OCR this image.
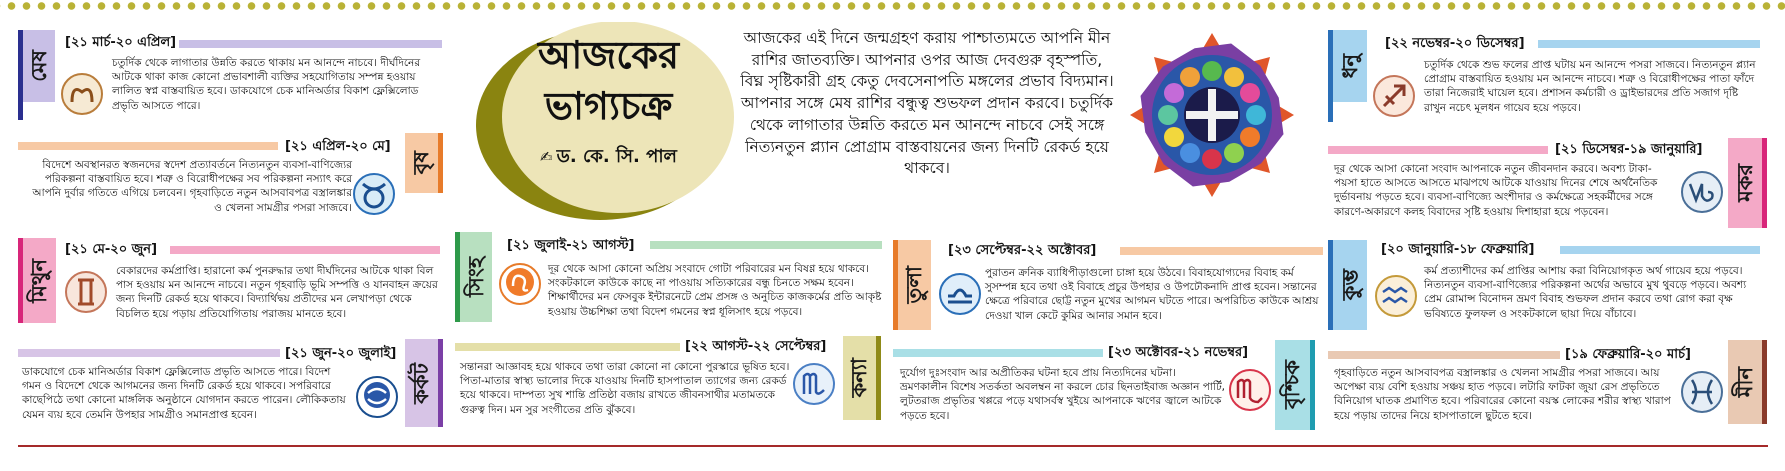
আজকের
ভাগ্যচক্র
✍ ড. কে. সি. পাল
আজকের এই দিনে জন্মগ্রহণ করায় পাশ্চাত্যমতে আপনি মীন রাশির জাতব্যক্তি। আপনার ওপর আজ দেবগুরু বৃহস্পতি, বিঘ্ন সৃষ্টিকারী গ্রহ কেতু দেবসেনাপতি মঙ্গলের প্রভাব বিদ্যমান। আপনার সঙ্গে মেষ রাশির বন্ধুত্ব শুভফল প্রদান করবে। চতুর্দিক থেকে লাগাতার উন্নতি করতে মন আনন্দে নাচবে সেই সঙ্গে নিত্যনতুন প্ল্যান প্রোগ্রাম বাস্তবায়নের জন্য দিনটি রেকর্ড হয়ে থাকবে।
মেষ
[২১ মার্চ-২০ এপ্রিল]
চতুর্দিক থেকে লাগাতার উন্নতি করতে থাকায় মন আনন্দে নাচবে। দীর্ঘদিনের আটকে থাকা কাজ কোনো প্রভাবশালী ব্যক্তির সহযোগিতায় সম্পন্ন হওয়ায় লালিত স্বপ্ন বাস্তবায়িত হবে। ডাকযোগে চেক মানিঅর্ডার বিকাশ ফ্লেক্সিলোড প্রভৃতি আসতে পারে।
[২১ এপ্রিল-২০ মে]
বৃষ
বিদেশে অবস্থানরত স্বজনদের স্বদেশ প্রত্যাবর্তনে নিত্যনতুন ব্যবসা-বাণিজ্যের পরিকল্পনা বাস্তবায়িত হবে। শত্রু ও বিরোধীপক্ষের সব পরিকল্পনা নস্যাৎ করে আপনি দুর্বার গতিতে এগিয়ে চলবেন। গৃহবাড়িতে নতুন আসবাবপত্র বস্ত্রালঙ্কার ও খেলনা সামগ্রীর পসরা সাজবে।
মিথুন
[২১ মে-২০ জুন]
বেকারদের কর্মপ্রাপ্তি। হারানো কর্ম পুনরুদ্ধার তথা দীর্ঘদিনের আটকে থাকা বিল পাস হওয়ায় মন আনন্দে নাচবে। নতুন গৃহবাড়ি ভূমি সম্পত্তি ও যানবাহন ক্রয়ের জন্য দিনটি রেকর্ড হয়ে থাকবে। বিদ্যার্থিদ্বয় প্রতীদের মন লেখাপড়া থেকে বিচলিত হয়ে পড়ায় প্রতিযোগিতায় পরাজয় মানতে হবে।
[২১ জুন-২০ জুলাই]
কর্কট
ডাকযোগে চেক মানিঅর্ডার বিকাশ ফ্লেক্সিলোড প্রভৃতি আসতে পারে। বিদেশ গমন ও বিদেশে থেকে আগমনের জন্য দিনটি রেকর্ড হয়ে থাকবে। সপরিবারে কাছেপিঠে তথা কোনো মাঙ্গলিক অনুষ্ঠানে যোগদান করতে পারেন। লৌকিকতায় যেমন ব্যয় হবে তেমনি উপহার সামগ্রীও সমানপ্রাপ্ত হবেন।
সিংহ
[২১ জুলাই-২১ আগস্ট]
দূর থেকে আসা কোনো অপ্রিয় সংবাদে গোটা পরিবারের মন বিষণ্ণ হয়ে থাকবে। সংকটকালে কাউকে কাছে না পাওয়ায় সত্যিকারের বন্ধু চিনতে সক্ষম হবেন। শিক্ষার্থীদের মন ফেসবুক ইন্টারনেটে প্রেম প্রসঙ্গ ও অনুচিত কাজকর্মের প্রতি আকৃষ্ট হওয়ায় উচ্চশিক্ষা তথা বিদেশ গমনের স্বপ্ন ধূলিসাৎ হয়ে পড়বে।
[২২ আগস্ট-২২ সেপ্টেম্বর]
কন্যা
সন্তানরা আজ্ঞাবহ হয়ে থাকবে তথা তারা কোনো না কোনো পুরস্কারে ভূষিত হবে। পিতা-মাতার স্বাস্থ্য ভালোর দিকে যাওয়ায় দিনটি হাসপাতাল ত্যাগের জন্য রেকর্ড হয়ে থাকবে। দাম্পত্য সুখ শান্তি প্রতিষ্ঠা বজায় রাখতে জীবনসাথীর মতামতকে গুরুত্ব দিন। মন সুর সংগীতের প্রতি ঝুঁকবে।
তুলা
[২৩ সেপ্টেম্বর-২২ অক্টোবর]
পুরাতন ক্রনিক ব্যাধিপীড়াগুলো চাঙ্গা হয়ে উঠবে। বিবাহযোগ্যদের বিবাহ কর্ম সুসম্পন্ন হবে তথা ওই বিবাহে প্রচুর উপহার ও উপঢৌকনাদি প্রাপ্ত হবেন। সন্তানের ক্ষেত্রে পরিবারে ছোট্ট নতুন মুখের আগমন ঘটতে পারে। অপরিচিত কাউকে আশ্রয় দেওয়া খাল কেটে কুমির আনার সমান হবে।
[২৩ অক্টোবর-২১ নভেম্বর]
বৃশ্চিক
দুর্যোগ দুঃসংবাদ আর অপ্রীতিকর ঘটনা হবে প্রায় নিত্যদিনের ঘটনা। ভ্রমণকালীন বিশেষ সতর্কতা অবলম্বন না করলে চোর ছিনতাইবাজ অজ্ঞান পার্টি, লুটতরাজ প্রভৃতির খপ্পরে পড়ে যথাসর্বস্ব খুইয়ে আপনাকে ঋণের জ্বালে আটকে পড়তে হবে।
ধনু
[২২ নভেম্বর-২০ ডিসেম্বর]
চতুর্দিক থেকে শুভ ফলের প্রাপ্ত ঘটায় মন আনন্দে পসরা সাজবে। নিত্যনতুন প্ল্যান প্রোগ্রাম বাস্তবায়িত হওয়ায় মন আনন্দে নাচবে। শত্রু ও বিরোধীপক্ষের পাতা ফাঁদে তারা নিজেরাই ঘায়েল হবে। প্রশাসন কর্মচারী ও ড্রাইভারদের প্রতি সজাগ দৃষ্টি রাখুন নচেৎ মূলধন গায়েব হয়ে পড়বে।
[২১ ডিসেম্বর-১৯ জানুয়ারি]
মকর
দূর থেকে আসা কোনো সংবাদ আপনাকে নতুন জীবনদান করবে। অবশ্য টাকা-পয়সা হাতে আসতে আসতে মাঝপথে আটকে যাওয়ায় দিনের শেষে অর্থনৈতিক দুর্ভাবনায় পড়তে হবে। ব্যবসা-বাণিজ্যে অংশীদার ও কর্মক্ষেত্রে সহকর্মীদের সঙ্গে কারণে-অকারণে কলহ বিবাদের সৃষ্টি হওয়ায় দিশাহারা হয়ে পড়বেন।
কুম্ভ
[২০ জানুয়ারি-১৮ ফেব্রুয়ারি]
কর্ম প্রত্যাশীদের কর্ম প্রাপ্তির আশায় করা বিনিয়োগকৃত অর্থ গায়েব হয়ে পড়বে। নিত্যনতুন ব্যবসা-বাণিজ্যের পরিকল্পনা অর্থের অভাবে মুখ থুবড়ে পড়বে। অবশ্য প্রেম রোমান্স বিনোদন ভ্রমণ বিবাহ শুভফল প্রদান করবে তথা রোগ করা বৃক্ষ ভবিষ্যতে ফুলফল ও সংকটকালে ছায়া দিয়ে বাঁচাবে।
[১৯ ফেব্রুয়ারি-২০ মার্চ]
মীন
গৃহবাড়িতে নতুন আসবাবপত্র বস্ত্রালঙ্কার ও খেলনা সামগ্রীর পসরা সাজবে। আয় অপেক্ষা ব্যয় বেশি হওয়ায় সঞ্চয় হাত পড়বে। লটারি ফাটকা জুয়া রেস প্রভৃতিতে বিনিয়োগ ঘাতক প্রমাণিত হবে। পরিবারের কোনো বয়স্ক লোকের শরীর স্বাস্থ্য খারাপ হয়ে পড়ায় তাদের নিয়ে হাসপাতালে ছুটতে হবে।
